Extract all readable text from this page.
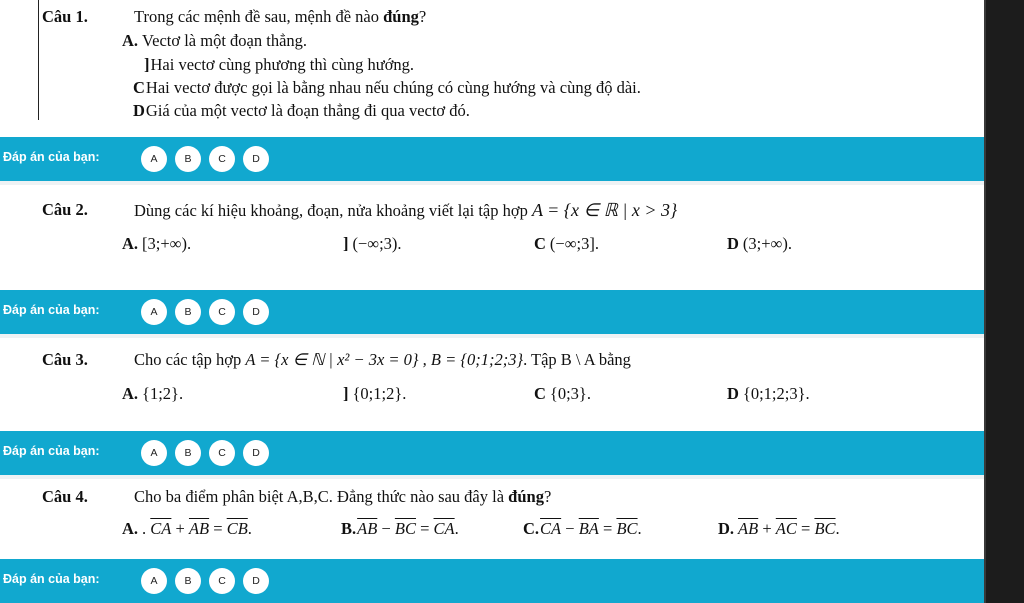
Câu 1.	Trong các mệnh đề sau, mệnh đề nào đúng?
A. Vectơ là một đoạn thẳng.
]Hai vectơ cùng phương thì cùng hướng.
CHai vectơ được gọi là bằng nhau nếu chúng có cùng hướng và cùng độ dài.
DGiá của một vectơ là đoạn thẳng đi qua vectơ đó.
Đáp án của bạn:	A	B	C	D
Câu 2.	Dùng các kí hiệu khoảng, đoạn, nửa khoảng viết lại tập hợp A = {x ∈ ℝ | x > 3}
A. [3;+∞).	] (−∞;3).	C (−∞;3].	D (3;+∞).
Đáp án của bạn:	A	B	C	D
Câu 3.	Cho các tập hợp A = {x ∈ ℕ | x² − 3x = 0} , B = {0;1;2;3}. Tập B \ A bằng
A. {1;2}.	] {0;1;2}.	C {0;3}.	D {0;1;2;3}.
Đáp án của bạn:	A	B	C	D
Câu 4.	Cho ba điểm phân biệt A,B,C. Đẳng thức nào sau đây là đúng?
A. . $\overline{CA} + \overline{AB} = \overline{CB}$.	$B.\overline{AB} - \overline{BC} = \overline{CA}$.	$C.\overline{CA} - \overline{BA} = \overline{BC}$.	D. $\overline{AB} + \overline{AC} = \overline{BC}$.
Đáp án của bạn:	A	B	C	D
